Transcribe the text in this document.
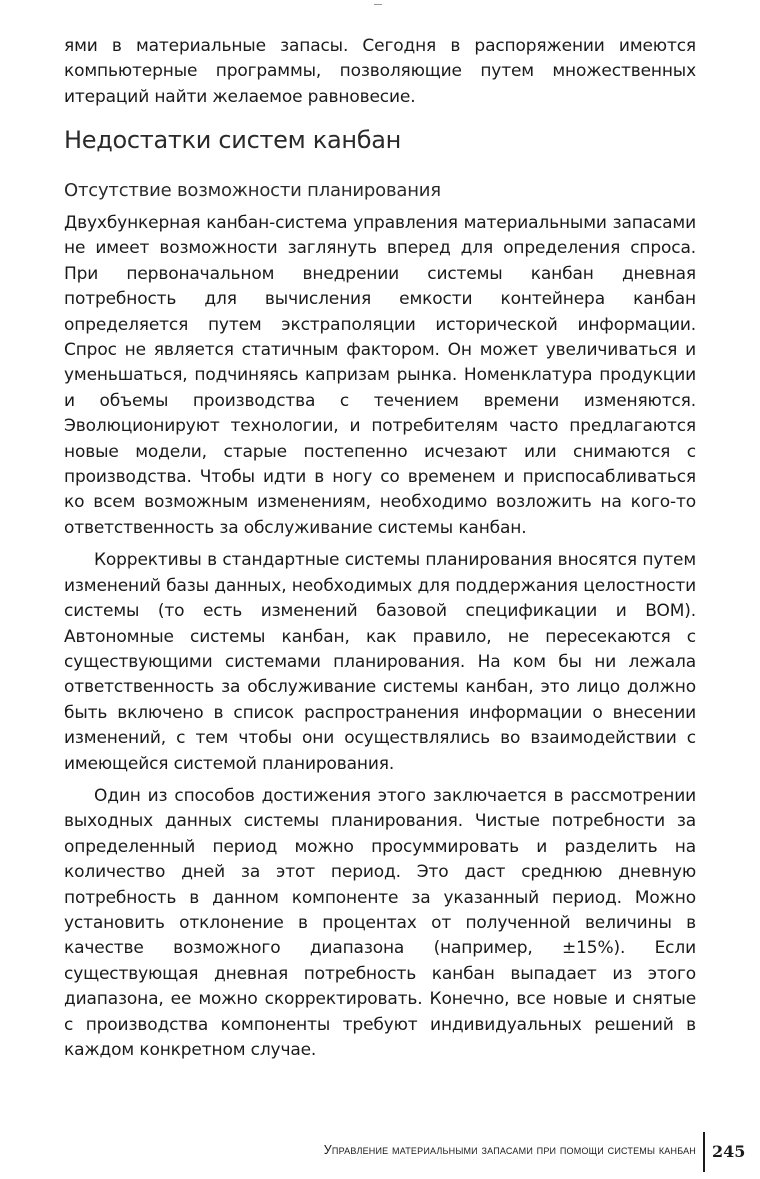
ями в материальные запасы. Сегодня в распоряжении имеются компьютерные программы, позволяющие путем множественных итераций найти желаемое равновесие.

Недостатки систем канбан
Отсутствие возможности планирования

Двухбункерная канбан-система управления материальными запасами не имеет возможности заглянуть вперед для определения спроса. При первоначальном внедрении системы канбан дневная потребность для вычисления емкости контейнера канбан определяется путем экстраполяции исторической информации. Спрос не является статичным фактором. Он может увеличиваться и уменьшаться, подчиняясь капризам рынка. Номенклатура продукции и объемы производства с течением времени изменяются. Эволюционируют технологии, и потребителям часто предлагаются новые модели, старые постепенно исчезают или снимаются с производства. Чтобы идти в ногу со временем и приспосабливаться ко всем возможным изменениям, необходимо возложить на кого-то ответственность за обслуживание системы канбан.

Коррективы в стандартные системы планирования вносятся путем изменений базы данных, необходимых для поддержания целостности системы (то есть изменений базовой спецификации и BOM). Автономные системы канбан, как правило, не пересекаются с существующими системами планирования. На ком бы ни лежала ответственность за обслуживание системы канбан, это лицо должно быть включено в список распространения информации о внесении изменений, с тем чтобы они осуществлялись во взаимодействии с имеющейся системой планирования.

Один из способов достижения этого заключается в рассмотрении выходных данных системы планирования. Чистые потребности за определенный период можно просуммировать и разделить на количество дней за этот период. Это даст среднюю дневную потребность в данном компоненте за указанный период. Можно установить отклонение в процентах от полученной величины в качестве возможного диапазона (например, ±15%). Если существующая дневная потребность канбан выпадает из этого диапазона, ее можно скорректировать. Конечно, все новые и снятые с производства компоненты требуют индивидуальных решений в каждом конкретном случае.

Управление материальными запасами при помощи системы канбан 245
